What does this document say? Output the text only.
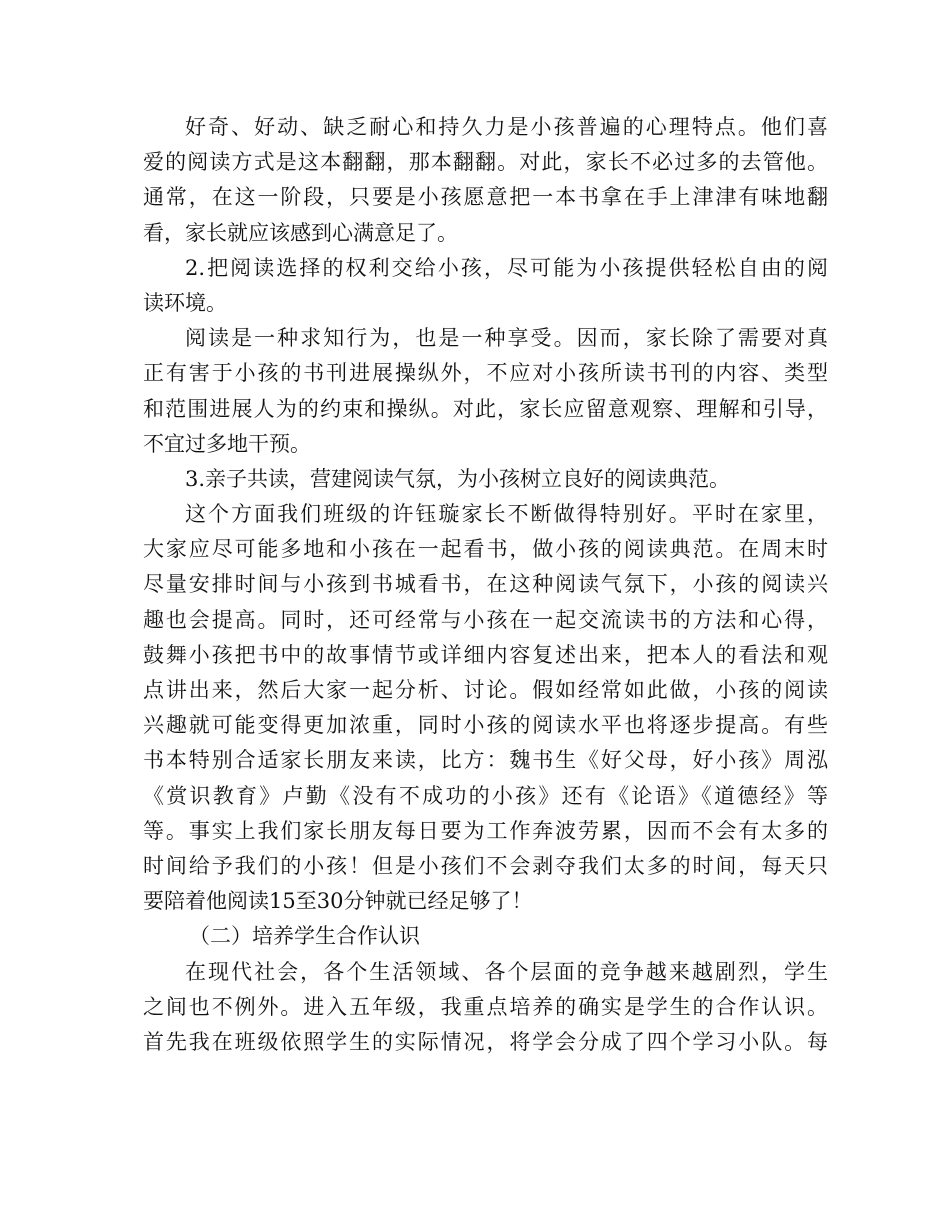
好奇、好动、缺乏耐心和持久力是小孩普遍的心理特点。他们喜
爱的阅读方式是这本翻翻，那本翻翻。对此，家长不必过多的去管他。
通常，在这一阶段，只要是小孩愿意把一本书拿在手上津津有味地翻
看，家长就应该感到心满意足了。
2.把阅读选择的权利交给小孩，尽可能为小孩提供轻松自由的阅
读环境。
阅读是一种求知行为，也是一种享受。因而，家长除了需要对真
正有害于小孩的书刊进展操纵外，不应对小孩所读书刊的内容、类型
和范围进展人为的约束和操纵。对此，家长应留意观察、理解和引导，
不宜过多地干预。
3.亲子共读，营建阅读气氛，为小孩树立良好的阅读典范。
这个方面我们班级的许钰璇家长不断做得特别好。平时在家里，
大家应尽可能多地和小孩在一起看书，做小孩的阅读典范。在周末时
尽量安排时间与小孩到书城看书，在这种阅读气氛下，小孩的阅读兴
趣也会提高。同时，还可经常与小孩在一起交流读书的方法和心得，
鼓舞小孩把书中的故事情节或详细内容复述出来，把本人的看法和观
点讲出来，然后大家一起分析、讨论。假如经常如此做，小孩的阅读
兴趣就可能变得更加浓重，同时小孩的阅读水平也将逐步提高。有些
书本特别合适家长朋友来读，比方：魏书生《好父母，好小孩》周泓
《赏识教育》卢勤《没有不成功的小孩》还有《论语》《道德经》等
等。事实上我们家长朋友每日要为工作奔波劳累，因而不会有太多的
时间给予我们的小孩！但是小孩们不会剥夺我们太多的时间，每天只
要陪着他阅读15至30分钟就已经足够了！
（二）培养学生合作认识
在现代社会，各个生活领域、各个层面的竞争越来越剧烈，学生
之间也不例外。进入五年级，我重点培养的确实是学生的合作认识。
首先我在班级依照学生的实际情况，将学会分成了四个学习小队。每
